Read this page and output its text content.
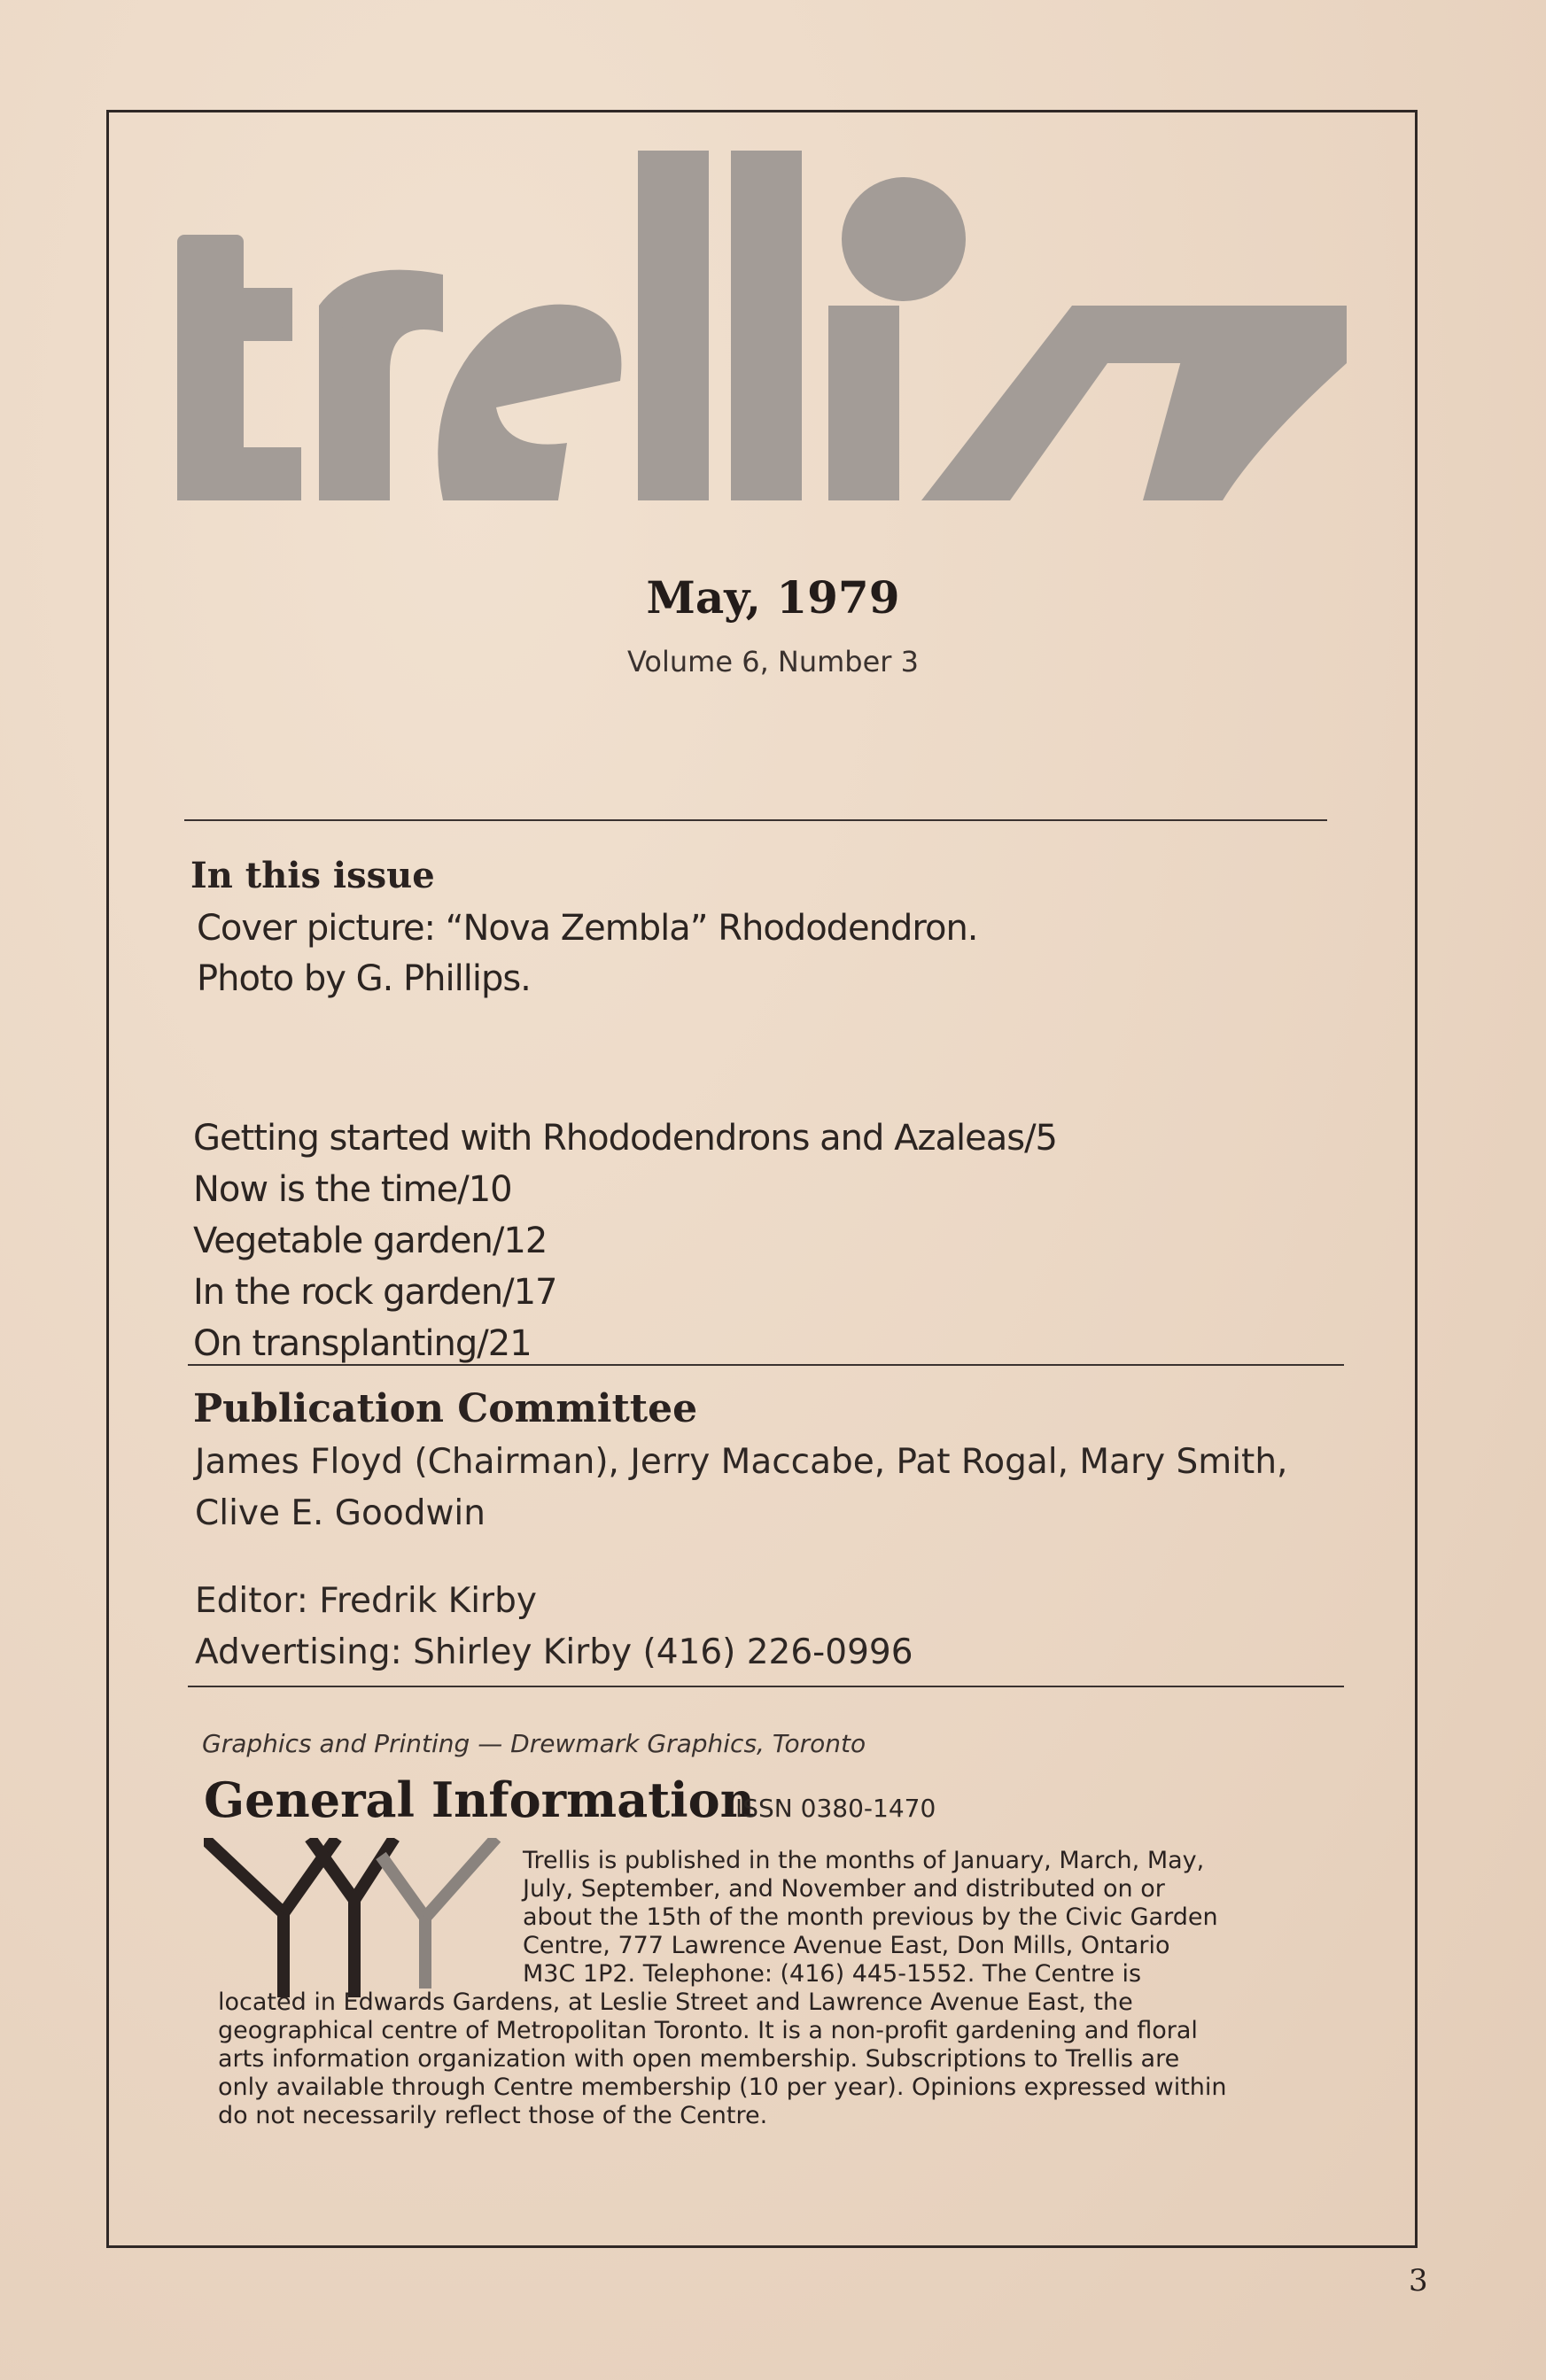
May, 1979
Volume 6, Number 3
In this issue
Cover picture: “Nova Zembla” Rhododendron.
Photo by G. Phillips.
Getting started with Rhododendrons and Azaleas/5
Now is the time/10
Vegetable garden/12
In the rock garden/17
On transplanting/21
Publication Committee
James Floyd (Chairman), Jerry Maccabe, Pat Rogal, Mary Smith,
Clive E. Goodwin
Editor: Fredrik Kirby
Advertising: Shirley Kirby (416) 226-0996
Graphics and Printing — Drewmark Graphics, Toronto
General Information
ISSN 0380-1470
Trellis is published in the months of January, March, May,
July, September, and November and distributed on or
about the 15th of the month previous by the Civic Garden
Centre, 777 Lawrence Avenue East, Don Mills, Ontario
M3C 1P2. Telephone: (416) 445-1552. The Centre is
located in Edwards Gardens, at Leslie Street and Lawrence Avenue East, the
geographical centre of Metropolitan Toronto. It is a non-profit gardening and floral
arts information organization with open membership. Subscriptions to Trellis are
only available through Centre membership (10 per year). Opinions expressed within
do not necessarily reflect those of the Centre.
3
